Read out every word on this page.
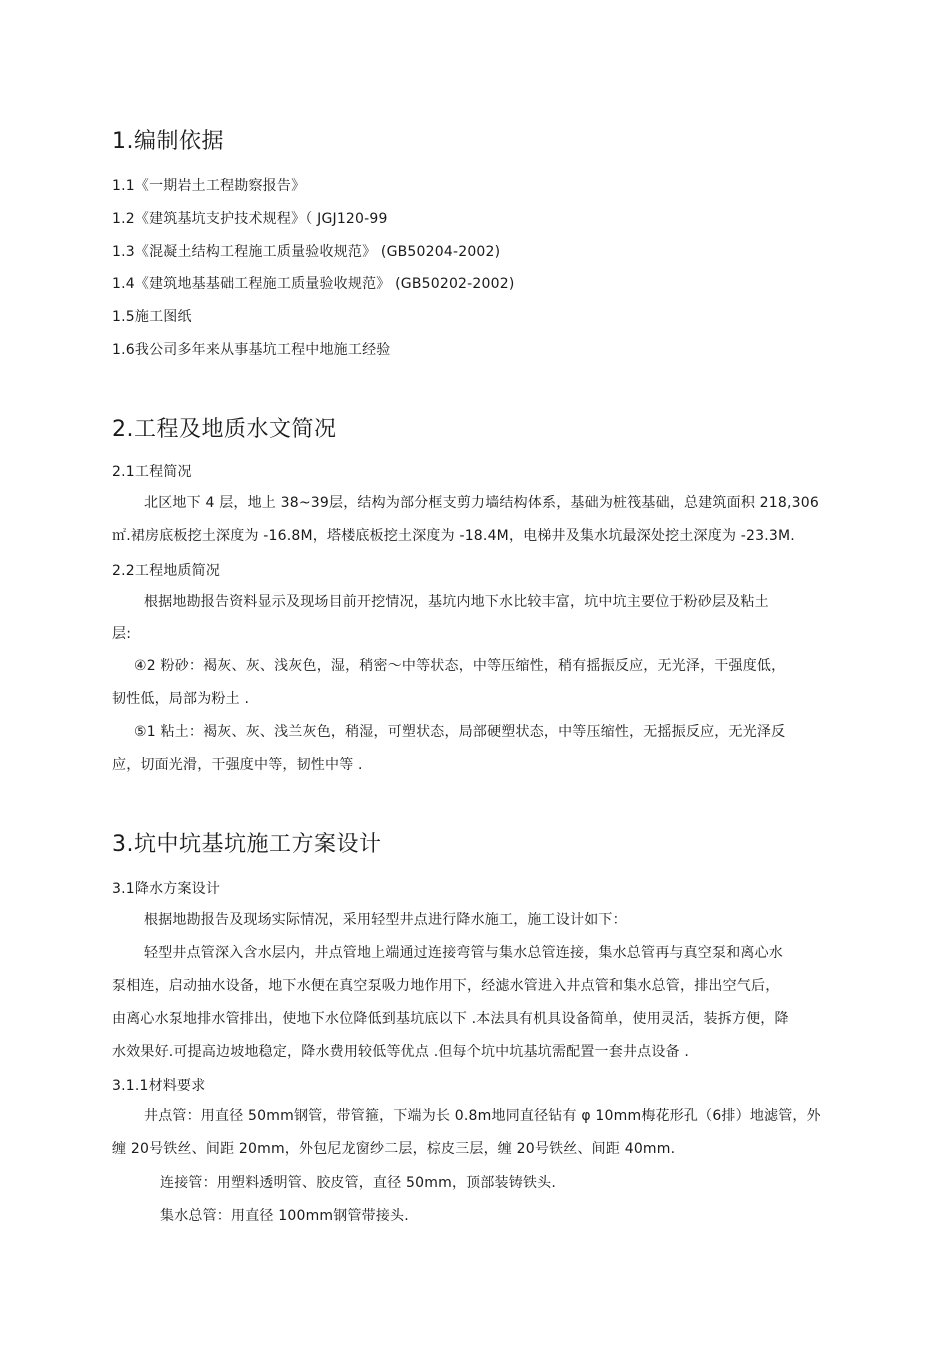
1.编制依据
1.1《一期岩土工程勘察报告》
1.2《建筑基坑支护技术规程》（ JGJ120-99
1.3《混凝土结构工程施工质量验收规范》 (GB50204-2002)
1.4《建筑地基基础工程施工质量验收规范》 (GB50202-2002)
1.5施工图纸
1.6我公司多年来从事基坑工程中地施工经验
2.工程及地质水文简况
2.1工程简况
北区地下 4 层，地上 38~39层，结构为部分框支剪力墙结构体系，基础为桩筏基础，总建筑面积 218,306
㎡.裙房底板挖土深度为 -16.8M，塔楼底板挖土深度为 -18.4M，电梯井及集水坑最深处挖土深度为 -23.3M.
2.2工程地质简况
根据地勘报告资料显示及现场目前开挖情况，基坑内地下水比较丰富，坑中坑主要位于粉砂层及粘土
层:
④2 粉砂：褐灰、灰、浅灰色，湿，稍密～中等状态，中等压缩性，稍有摇振反应，无光泽，干强度低，
韧性低，局部为粉土 .
⑤1 粘土：褐灰、灰、浅兰灰色，稍湿，可塑状态，局部硬塑状态，中等压缩性，无摇振反应，无光泽反
应，切面光滑，干强度中等，韧性中等 .
3.坑中坑基坑施工方案设计
3.1降水方案设计
根据地勘报告及现场实际情况，采用轻型井点进行降水施工，施工设计如下：
轻型井点管深入含水层内，井点管地上端通过连接弯管与集水总管连接，集水总管再与真空泵和离心水
泵相连，启动抽水设备，地下水便在真空泵吸力地作用下，经滤水管进入井点管和集水总管，排出空气后，
由离心水泵地排水管排出，使地下水位降低到基坑底以下 .本法具有机具设备简单，使用灵活，装拆方便，降
水效果好.可提高边坡地稳定，降水费用较低等优点 .但每个坑中坑基坑需配置一套井点设备 .
3.1.1材料要求
井点管：用直径 50mm钢管，带管箍，下端为长 0.8m地同直径钻有 φ 10mm梅花形孔（6排）地滤管，外
缠 20号铁丝、间距 20mm，外包尼龙窗纱二层，棕皮三层，缠 20号铁丝、间距 40mm.
连接管：用塑料透明管、胶皮管，直径 50mm，顶部装铸铁头.
集水总管：用直径 100mm钢管带接头.
